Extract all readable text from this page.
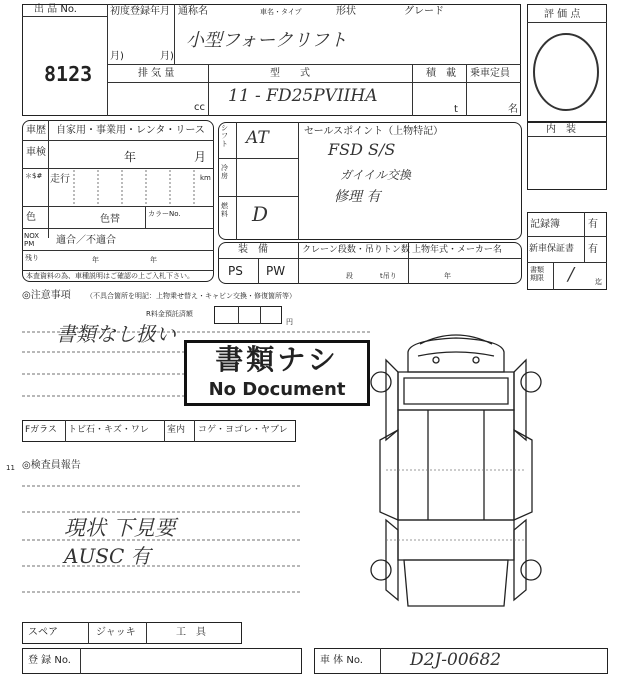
出 品 No.
8123
初度登録年月
月)	月)
通称名	車名・タイプ	形状	グレード
小型フォークリフト
排 気 量
cc
型　　式
11 - FD25PVIIHA
積　載
t
乗車定員
名
評 価 点
内　装
車歴 自家用・事業用・レンタ・リース
車検	年	月
＊$# 走行	km
色	色替	カラーNo.
NOX PM	適合／不適合
残り	年	年
本査資料の為、車種説明はご確認の上ご入札下さい。
シフト AT
冷房
燃料 D
セールスポイント（上物特記）
FSD S/S
ガイイル交換
修理 有
記録簿	有
新車保証書 有
書類期限	/	迄
装　備
PS PW
クレーン段数・吊りトン数
段	t吊り
上物年式・メーカー名
年
◎注意事項 （不具合箇所を明記：上物乗せ替え・キャビン交換・修復箇所等）
R料金預託済額
円
書類なし扱い
書類ナシ
No Document
Fガラス トビ石・キズ・ワレ 室内 コゲ・ヨゴレ・ヤブレ
11 ◎検査員報告
現状 下見要
AUSC 有
スペア	ジャッキ	工　具
登 録 No.	車 体 No.	D2J-00682
